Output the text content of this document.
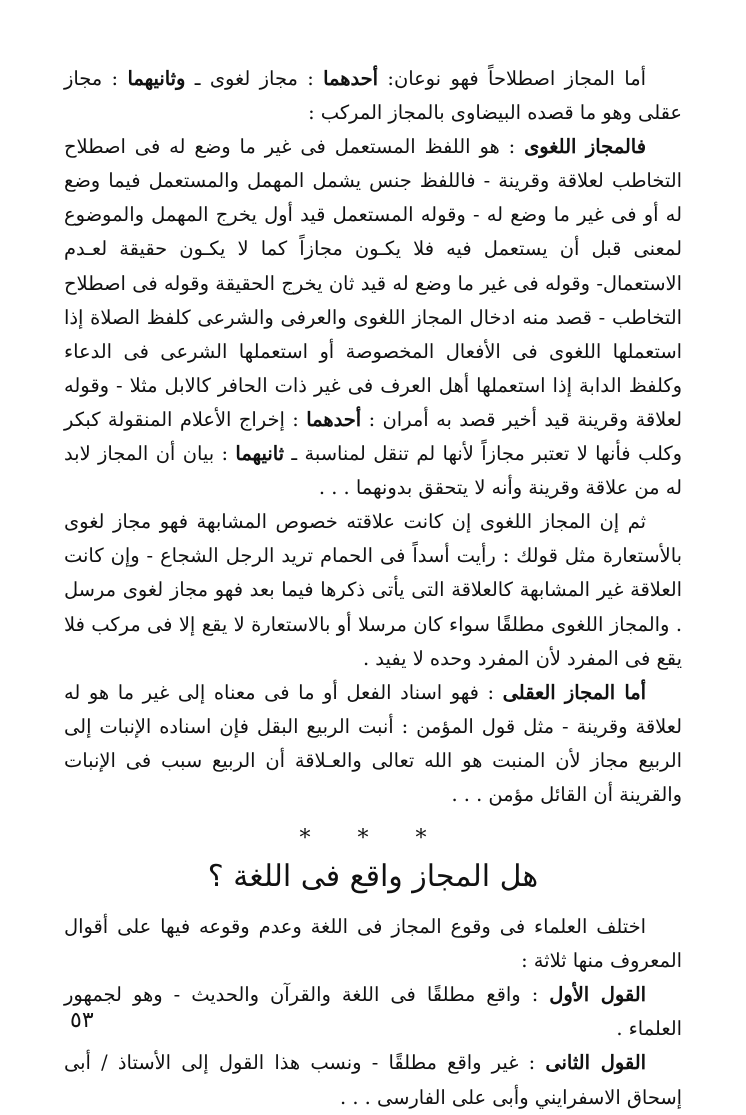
أما المجاز اصطلاحاً فهو نوعان: أحدهما : مجاز لغوى ـ وثانيهما : مجاز عقلى وهو ما قصده البيضاوى بالمجاز المركب :

فالمجاز اللغوى : هو اللفظ المستعمل فى غير ما وضع له فى اصطلاح التخاطب لعلاقة وقرينة - فاللفظ جنس يشمل المهمل والمستعمل فيما وضع له أو فى غير ما وضع له - وقوله المستعمل قيد أول يخرج المهمل والموضوع لمعنى قبل أن يستعمل فيه فلا يكـون مجازاً كما لا يكـون حقيقة لعـدم الاستعمال- وقوله فى غير ما وضع له قيد ثان يخرج الحقيقة وقوله فى اصطلاح التخاطب - قصد منه ادخال المجاز اللغوى والعرفى والشرعى كلفظ الصلاة إذا استعملها اللغوى فى الأفعال المخصوصة أو استعملها الشرعى فى الدعاء وكلفظ الدابة إذا استعملها أهل العرف فى غير ذات الحافر كالابل مثلا - وقوله لعلاقة وقرينة قيد أخير قصد به أمران : أحدهما : إخراج الأعلام المنقولة كبكر وكلب فأنها لا تعتبر مجازاً لأنها لم تنقل لمناسبة ـ ثانيهما : بيان أن المجاز لابد له من علاقة وقرينة وأنه لا يتحقق بدونهما . . .

ثم إن المجاز اللغوى إن كانت علاقته خصوص المشابهة فهو مجاز لغوى بالأستعارة مثل قولك : رأيت أسداً فى الحمام تريد الرجل الشجاع - وإن كانت العلاقة غير المشابهة كالعلاقة التى يأتى ذكرها فيما بعد فهو مجاز لغوى مرسل . والمجاز اللغوى مطلقًا سواء كان مرسلا أو بالاستعارة لا يقع إلا فى مركب فلا يقع فى المفرد لأن المفرد وحده لا يفيد .

أما المجاز العقلى : فهو اسناد الفعل أو ما فى معناه إلى غير ما هو له لعلاقة وقرينة - مثل قول المؤمن : أنبت الربيع البقل فإن اسناده الإنبات إلى الربيع مجاز لأن المنبت هو الله تعالى والعـلاقة أن الربيع سبب فى الإنبات والقرينة أن القائل مؤمن . . .

* * *
هل المجاز واقع فى اللغة ؟

اختلف العلماء فى وقوع المجاز فى اللغة وعدم وقوعه فيها على أقوال المعروف منها ثلاثة :

القول الأول : واقع مطلقًا فى اللغة والقرآن والحديث - وهو لجمهور العلماء .

القول الثانى : غير واقع مطلقًا - ونسب هذا القول إلى الأستاذ / أبى إسحاق الاسفرايني وأبى على الفارسى . . .

٥٣
